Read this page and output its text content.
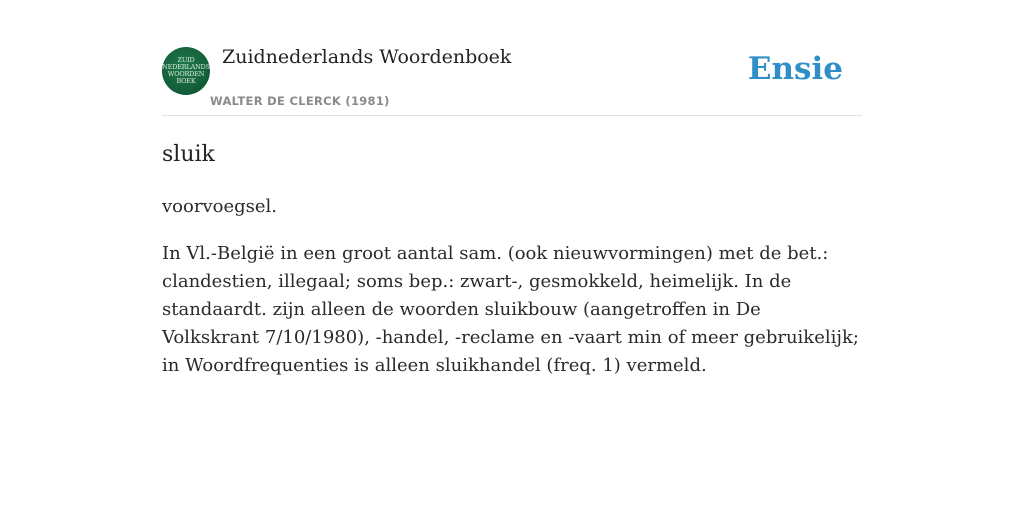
ZUID
NEDERLANDS
WOORDEN
BOEK
Zuidnederlands Woordenboek
WALTER DE CLERCK (1981)
Ensie
sluik
voorvoegsel.
In Vl.-België in een groot aantal sam. (ook nieuwvormingen) met de bet.: clandestien, illegaal; soms bep.: zwart-, gesmokkeld, heimelijk. In de standaardt. zijn alleen de woorden sluikbouw (aangetroffen in De Volkskrant 7/10/1980), -handel, -reclame en -vaart min of meer gebruikelijk; in Woordfrequenties is alleen sluikhandel (freq. 1) vermeld.
